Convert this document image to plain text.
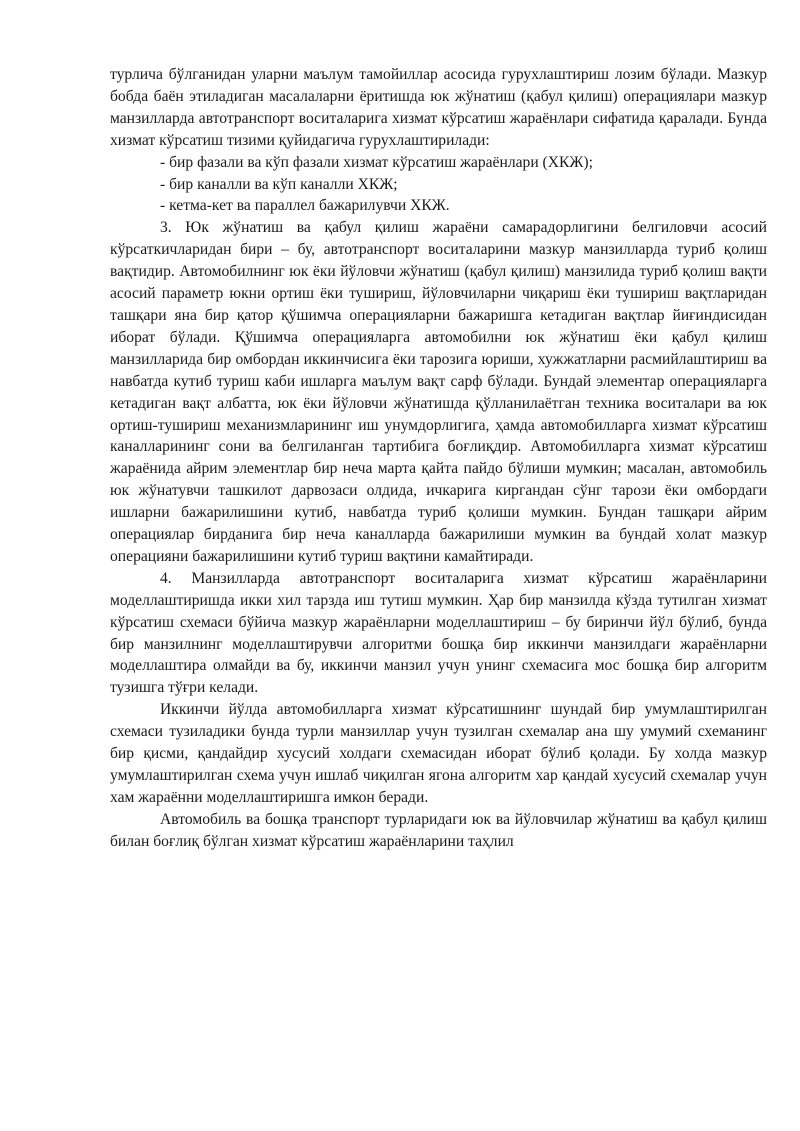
турлича бўлганидан уларни маълум тамойиллар асосида гурухлаштириш лозим бўлади. Мазкур бобда баён этиладиган масалаларни ёритишда юк жўнатиш (қабул қилиш) операциялари мазкур манзилларда автотранспорт воситаларига хизмат кўрсатиш жараёнлари сифатида қаралади. Бунда хизмат кўрсатиш тизими қуйидагича гурухлаштирилади:

- бир фазали ва кўп фазали хизмат кўрсатиш жараёнлари (ХКЖ);

- бир каналли ва кўп каналли ХКЖ;

- кетма-кет ва параллел бажарилувчи ХКЖ.

3. Юк жўнатиш ва қабул қилиш жараёни самарадорлигини белгиловчи асосий кўрсаткичларидан бири – бу, автотранспорт воситаларини мазкур манзилларда туриб қолиш вақтидир. Автомобилнинг юк ёки йўловчи жўнатиш (қабул қилиш) манзилида туриб қолиш вақти асосий параметр юкни ортиш ёки тушириш, йўловчиларни чиқариш ёки тушириш вақтларидан ташқари яна бир қатор қўшимча операцияларни бажаришга кетадиган вақтлар йиғиндисидан иборат бўлади. Қўшимча операцияларга автомобилни юк жўнатиш ёки қабул қилиш манзилларида бир омбордан иккинчисига ёки тарозига юриши, хужжатларни расмийлаштириш ва навбатда кутиб туриш каби ишларга маълум вақт сарф бўлади. Бундай элементар операцияларга кетадиган вақт албатта, юк ёки йўловчи жўнатишда қўлланилаётган техника воситалари ва юк ортиш-тушириш механизмларининг иш унумдорлигига, ҳамда автомобилларга хизмат кўрсатиш каналларининг сони ва белгиланган тартибига боғлиқдир. Автомобилларга хизмат кўрсатиш жараёнида айрим элементлар бир неча марта қайта пайдо бўлиши мумкин; масалан, автомобиль юк жўнатувчи ташкилот дарвозаси олдида, ичкарига киргандан сўнг тарози ёки омбордаги ишларни бажарилишини кутиб, навбатда туриб қолиши мумкин. Бундан ташқари айрим операциялар бирданига бир неча каналларда бажарилиши мумкин ва бундай холат мазкур операцияни бажарилишини кутиб туриш вақтини камайтиради.

4. Манзилларда автотранспорт воситаларига хизмат кўрсатиш жараёнларини моделлаштиришда икки хил тарзда иш тутиш мумкин. Ҳар бир манзилда кўзда тутилган хизмат кўрсатиш схемаси бўйича мазкур жараёнларни моделлаштириш – бу биринчи йўл бўлиб, бунда бир манзилнинг моделлаштирувчи алгоритми бошқа бир иккинчи манзилдаги жараёнларни моделлаштира олмайди ва бу, иккинчи манзил учун унинг схемасига мос бошқа бир алгоритм тузишга тўғри келади.

Иккинчи йўлда автомобилларга хизмат кўрсатишнинг шундай бир умумлаштирилган схемаси тузиладики бунда турли манзиллар учун тузилган схемалар ана шу умумий схеманинг бир қисми, қандайдир хусусий холдаги схемасидан иборат бўлиб қолади. Бу холда мазкур умумлаштирилган схема учун ишлаб чиқилган ягона алгоритм хар қандай хусусий схемалар учун хам жараённи моделлаштиришга имкон беради.

Автомобиль ва бошқа транспорт турларидаги юк ва йўловчилар жўнатиш ва қабул қилиш билан боғлиқ бўлган хизмат кўрсатиш жараёнларини таҳлил
